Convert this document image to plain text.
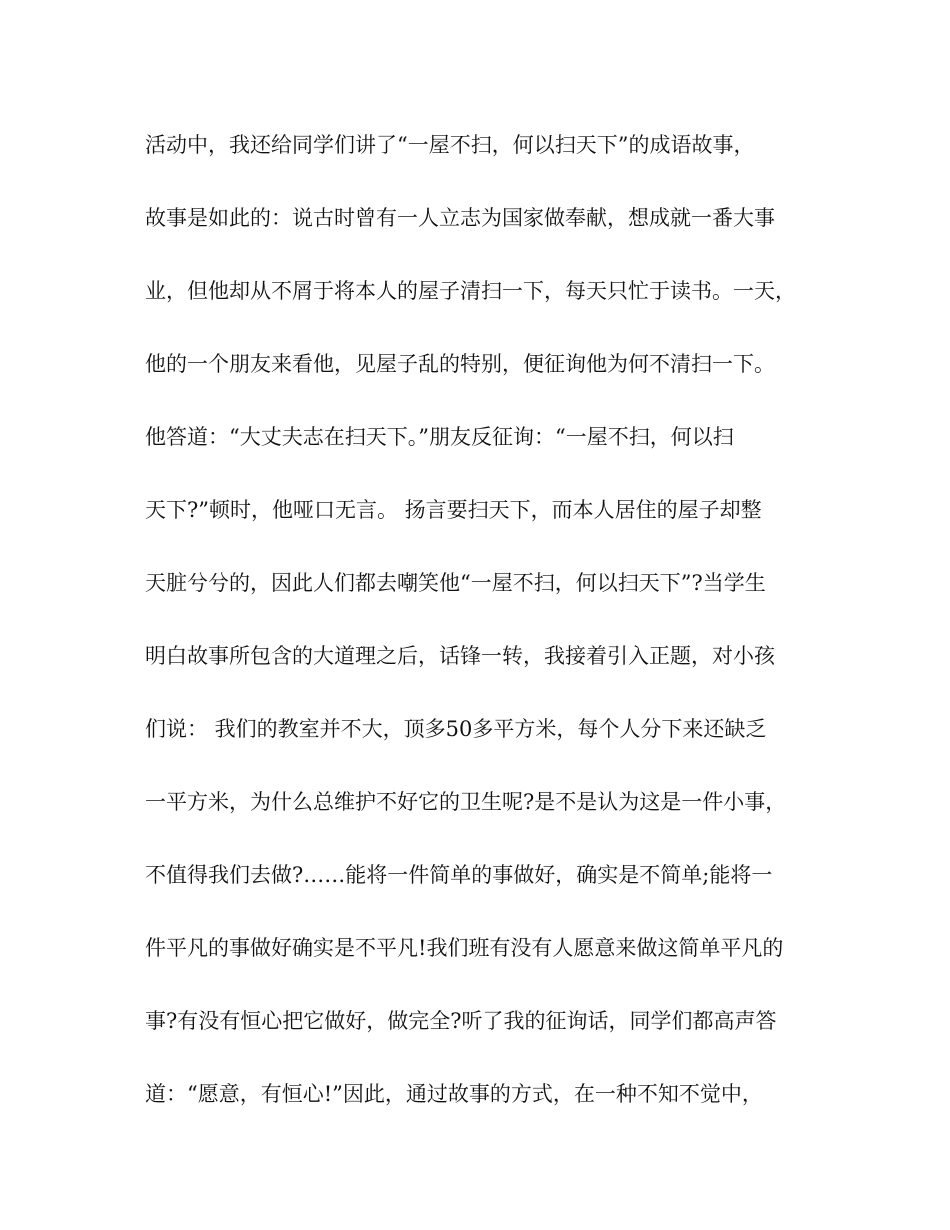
活动中，我还给同学们讲了“一屋不扫，何以扫天下”的成语故事，
故事是如此的：说古时曾有一人立志为国家做奉献，想成就一番大事
业，但他却从不屑于将本人的屋子清扫一下，每天只忙于读书。一天，
他的一个朋友来看他，见屋子乱的特别，便征询他为何不清扫一下。
他答道：“大丈夫志在扫天下。”朋友反征询：“一屋不扫，何以扫
天下?”顿时，他哑口无言。 扬言要扫天下，而本人居住的屋子却整
天脏兮兮的，因此人们都去嘲笑他“一屋不扫，何以扫天下”?当学生
明白故事所包含的大道理之后，话锋一转，我接着引入正题，对小孩
们说： 我们的教室并不大，顶多50多平方米，每个人分下来还缺乏
一平方米，为什么总维护不好它的卫生呢?是不是认为这是一件小事，
不值得我们去做?……能将一件简单的事做好，确实是不简单;能将一
件平凡的事做好确实是不平凡!我们班有没有人愿意来做这简单平凡的
事?有没有恒心把它做好，做完全?听了我的征询话，同学们都高声答
道：“愿意，有恒心!”因此，通过故事的方式，在一种不知不觉中，
